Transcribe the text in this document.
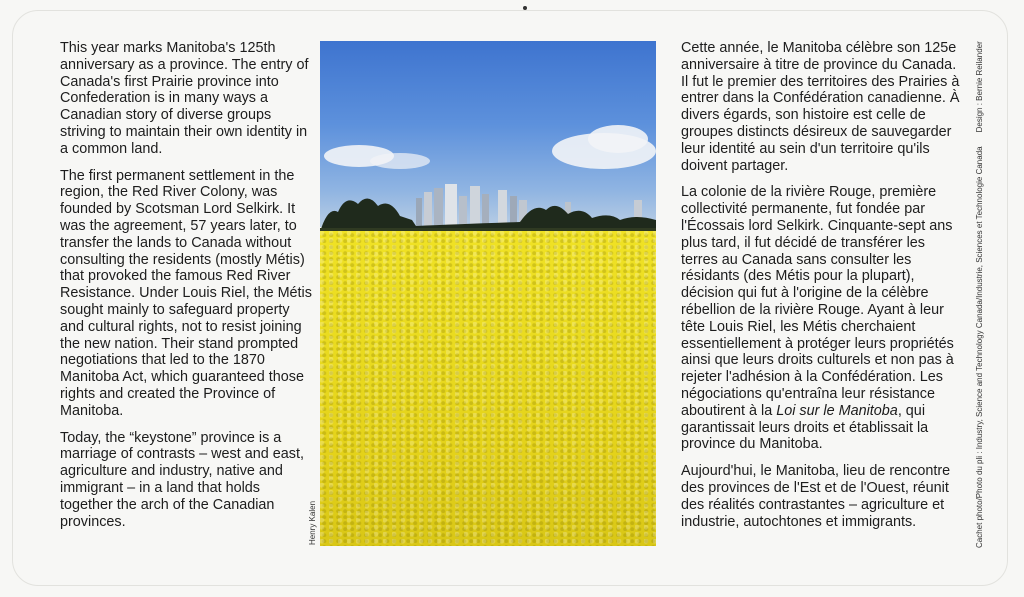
This year marks Manitoba's 125th anniversary as a province. The entry of Canada's first Prairie province into Confederation is in many ways a Canadian story of diverse groups striving to maintain their own identity in a common land.

The first permanent settlement in the region, the Red River Colony, was founded by Scotsman Lord Selkirk. It was the agreement, 57 years later, to transfer the lands to Canada without consulting the residents (mostly Métis) that provoked the famous Red River Resistance. Under Louis Riel, the Métis sought mainly to safeguard property and cultural rights, not to resist joining the new nation. Their stand prompted negotiations that led to the 1870 Manitoba Act, which guaranteed those rights and created the Province of Manitoba.

Today, the “keystone” province is a marriage of contrasts – west and east, agriculture and industry, native and immigrant – in a land that holds together the arch of the Canadian provinces.	Henry Kalen

Cette année, le Manitoba célèbre son 125e anniversaire à titre de province du Canada. Il fut le premier des territoires des Prairies à entrer dans la Confédération canadienne. À divers égards, son histoire est celle de groupes distincts désireux de sauvegarder leur identité au sein d'un territoire qu'ils doivent partager.

La colonie de la rivière Rouge, première collectivité permanente, fut fondée par l'Écossais lord Selkirk. Cinquante-sept ans plus tard, il fut décidé de transférer les terres au Canada sans consulter les résidants (des Métis pour la plupart), décision qui fut à l'origine de la célèbre rébellion de la rivière Rouge. Ayant à leur tête Louis Riel, les Métis cherchaient essentiellement à protéger leurs propriétés ainsi que leurs droits culturels et non pas à rejeter l'adhésion à la Confédération. Les négociations qu'entraîna leur résistance aboutirent à la Loi sur le Manitoba, qui garantissait leurs droits et établissait la province du Manitoba.

Aujourd'hui, le Manitoba, lieu de rencontre des provinces de l'Est et de l'Ouest, réunit des réalités contrastantes – agriculture et industrie, autochtones et immigrants.	Cachet photo/Photo du pli : Industry, Science and Technology Canada/Industrie, Sciences et Technologie CanadaDesign : Bernie Reilander
